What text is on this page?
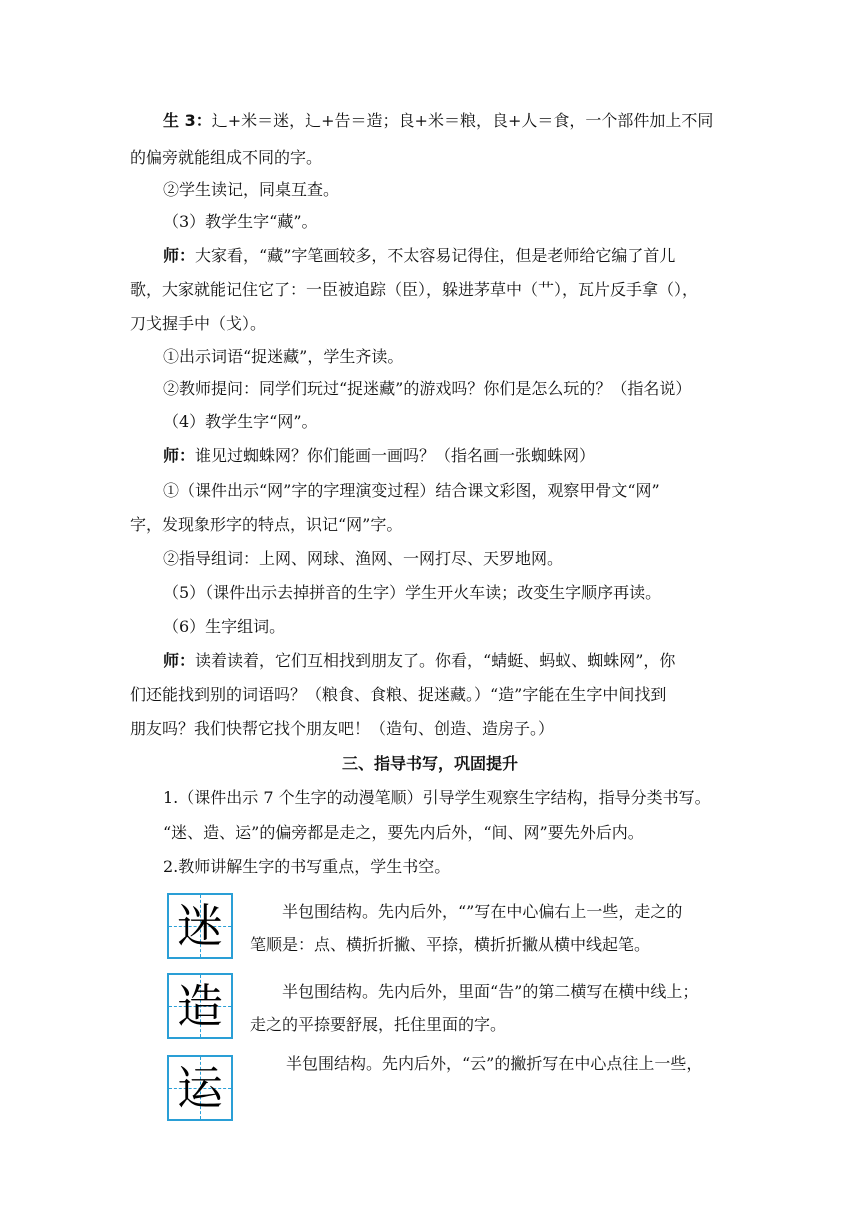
生 3：辶+米＝迷，辶+告＝造；良+米＝粮，良+人＝食，一个部件加上不同
的偏旁就能组成不同的字。
②学生读记，同桌互查。
（3）教学生字“藏”。
师：大家看，“藏”字笔画较多，不太容易记得住，但是老师给它编了首儿
歌，大家就能记住它了：一臣被追踪（臣），躲进茅草中（艹），瓦片反手拿（），
刀戈握手中（戈）。
①出示词语“捉迷藏”，学生齐读。
②教师提问：同学们玩过“捉迷藏”的游戏吗？你们是怎么玩的？（指名说）
（4）教学生字“网”。
师：谁见过蜘蛛网？你们能画一画吗？（指名画一张蜘蛛网）
①（课件出示“网”字的字理演变过程）结合课文彩图，观察甲骨文“网”
字，发现象形字的特点，识记“网”字。
②指导组词：上网、网球、渔网、一网打尽、天罗地网。
（5）（课件出示去掉拼音的生字）学生开火车读；改变生字顺序再读。
（6）生字组词。
师：读着读着，它们互相找到朋友了。你看，“蜻蜓、蚂蚁、蜘蛛网”，你
们还能找到别的词语吗？（粮食、食粮、捉迷藏。）“造”字能在生字中间找到
朋友吗？我们快帮它找个朋友吧！（造句、创造、造房子。）
三、指导书写，巩固提升
1.（课件出示 7 个生字的动漫笔顺）引导学生观察生字结构，指导分类书写。
“迷、造、运”的偏旁都是走之，要先内后外，“间、网”要先外后内。
2.教师讲解生字的书写重点，学生书空。
迷	半包围结构。先内后外，“”写在中心偏右上一些，走之的
笔顺是：点、横折折撇、平捺，横折折撇从横中线起笔。
造	半包围结构。先内后外，里面“告”的第二横写在横中线上；
走之的平捺要舒展，托住里面的字。
运	半包围结构。先内后外，“云”的撇折写在中心点往上一些，
